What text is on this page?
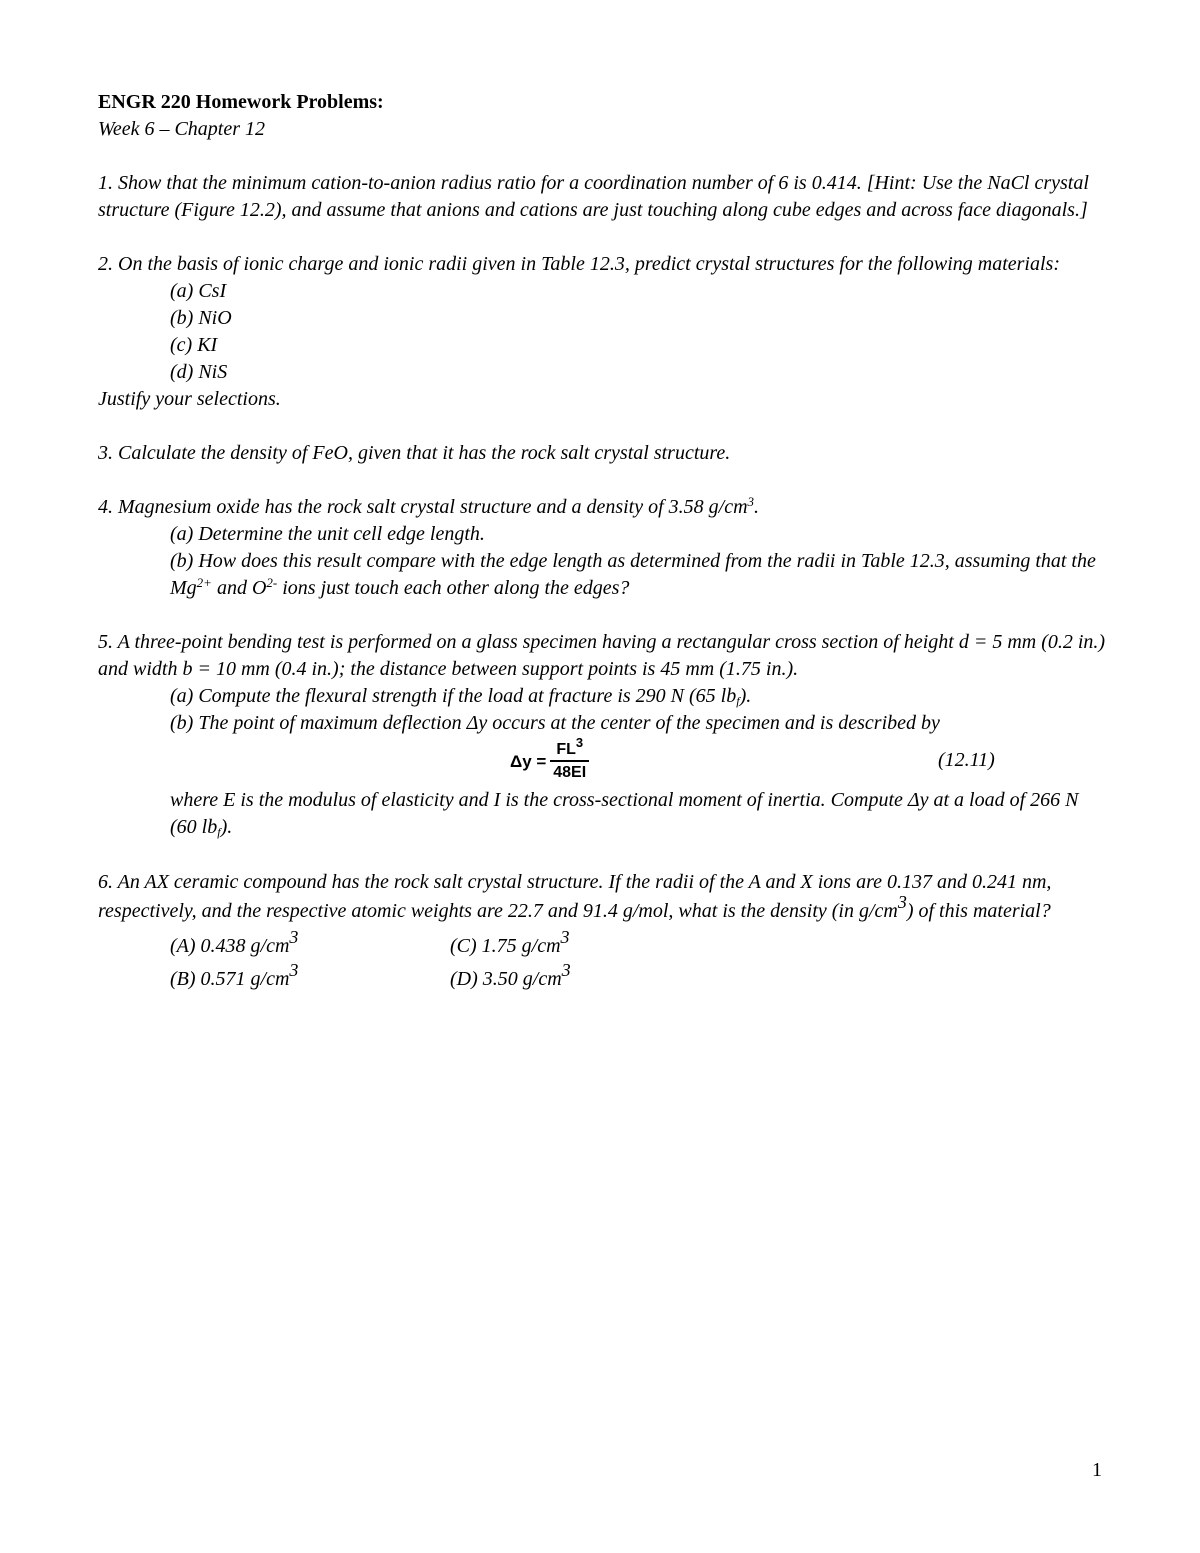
ENGR 220 Homework Problems:

Week 6 – Chapter 12

1. Show that the minimum cation-to-anion radius ratio for a coordination number of 6 is 0.414. [Hint: Use the NaCl crystal structure (Figure 12.2), and assume that anions and cations are just touching along cube edges and across face diagonals.]

2. On the basis of ionic charge and ionic radii given in Table 12.3, predict crystal structures for the following materials:

(a) CsI

(b) NiO

(c) KI

(d) NiS

Justify your selections.

3. Calculate the density of FeO, given that it has the rock salt crystal structure.

4. Magnesium oxide has the rock salt crystal structure and a density of 3.58 $g/cm^3$.

(a) Determine the unit cell edge length.

(b) How does this result compare with the edge length as determined from the radii in Table 12.3, assuming that the $Mg^{2+}$ and $O^{2-}$ ions just touch each other along the edges?

5. A three-point bending test is performed on a glass specimen having a rectangular cross section of height d = 5 mm (0.2 in.) and width b = 10 mm (0.4 in.); the distance between support points is 45 mm (1.75 in.).

(a) Compute the flexural strength if the load at fracture is 290 N (65 $lb_f$).

(b) The point of maximum deflection Δy occurs at the center of the specimen and is described by

$\Delta y = \frac{FL^3}{48EI}$	(12.11)

where E is the modulus of elasticity and I is the cross-sectional moment of inertia. Compute Δy at a load of 266 N (60 $lb_f$).

6. An AX ceramic compound has the rock salt crystal structure. If the radii of the A and X ions are 0.137 and 0.241 nm, respectively, and the respective atomic weights are 22.7 and 91.4 g/mol, what is the density (in $g/cm^3$) of this material?

(A) 0.438 $g/cm^3$	(C) 1.75 $g/cm^3$
(B) 0.571 $g/cm^3$	(D) 3.50 $g/cm^3$
1
